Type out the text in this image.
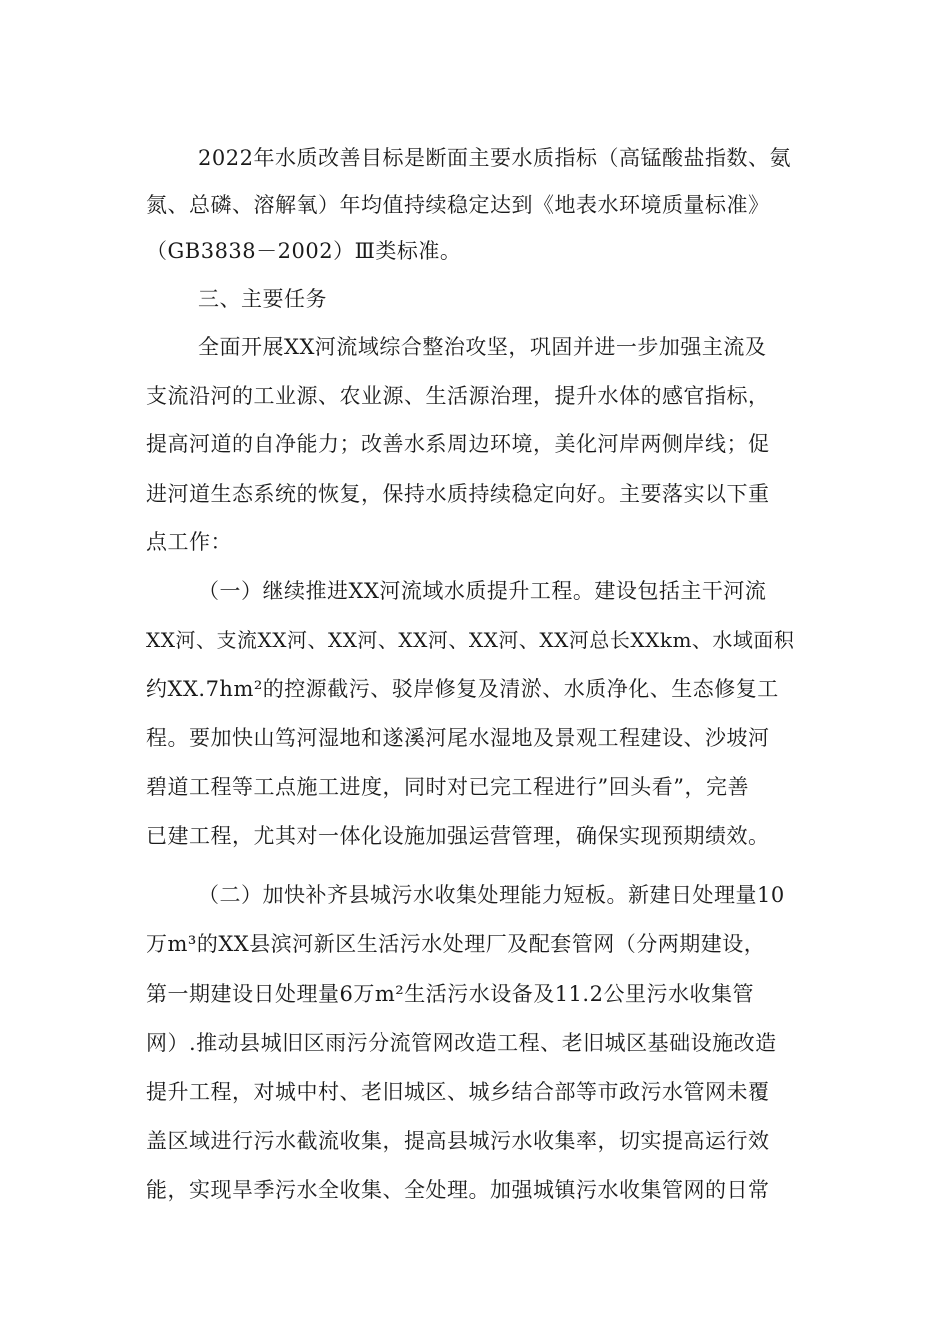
2022年水质改善目标是断面主要水质指标（高锰酸盐指数、氨
氮、总磷、溶解氧）年均值持续稳定达到《地表水环境质量标准》
（GB3838－2002）Ⅲ类标准。
三、主要任务
全面开展XX河流域综合整治攻坚，巩固并进一步加强主流及
支流沿河的工业源、农业源、生活源治理，提升水体的感官指标，
提高河道的自净能力；改善水系周边环境，美化河岸两侧岸线；促
进河道生态系统的恢复，保持水质持续稳定向好。主要落实以下重
点工作：
（一）继续推进XX河流域水质提升工程。建设包括主干河流
XX河、支流XX河、XX河、XX河、XX河、XX河总长XXkm、水域面积
约XX.7hm²的控源截污、驳岸修复及清淤、水质净化、生态修复工
程。要加快山笃河湿地和遂溪河尾水湿地及景观工程建设、沙坡河
碧道工程等工点施工进度，同时对已完工程进行”回头看”，完善
已建工程，尤其对一体化设施加强运营管理，确保实现预期绩效。
（二）加快补齐县城污水收集处理能力短板。新建日处理量10
万m³的XX县滨河新区生活污水处理厂及配套管网（分两期建设，
第一期建设日处理量6万m²生活污水设备及11.2公里污水收集管
网）.推动县城旧区雨污分流管网改造工程、老旧城区基础设施改造
提升工程，对城中村、老旧城区、城乡结合部等市政污水管网未覆
盖区域进行污水截流收集，提高县城污水收集率，切实提高运行效
能，实现旱季污水全收集、全处理。加强城镇污水收集管网的日常
